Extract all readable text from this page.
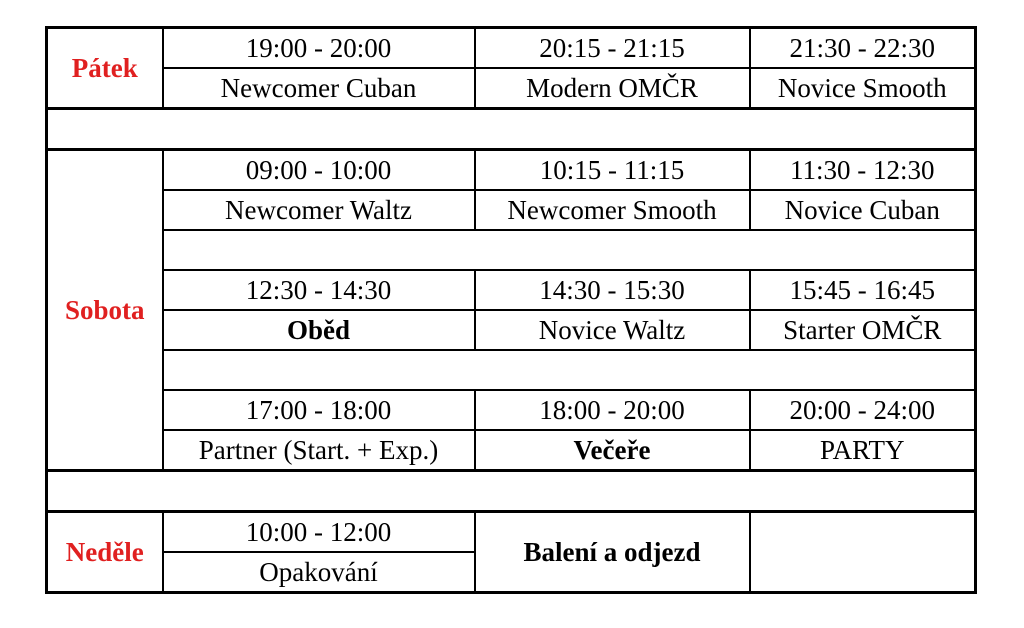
Pátek	19:00 - 20:00	20:15 - 21:15	21:30 - 22:30
	Newcomer Cuban	Modern OMČR	Novice Smooth

Sobota	09:00 - 10:00	10:15 - 11:15	11:30 - 12:30
	Newcomer Waltz	Newcomer Smooth	Novice Cuban

	12:30 - 14:30	14:30 - 15:30	15:45 - 16:45
	Oběd	Novice Waltz	Starter OMČR

	17:00 - 18:00	18:00 - 20:00	20:00 - 24:00
	Partner (Start. + Exp.)	Večeře	PARTY

Neděle	10:00 - 12:00	Balení a odjezd	
	Opakování		
